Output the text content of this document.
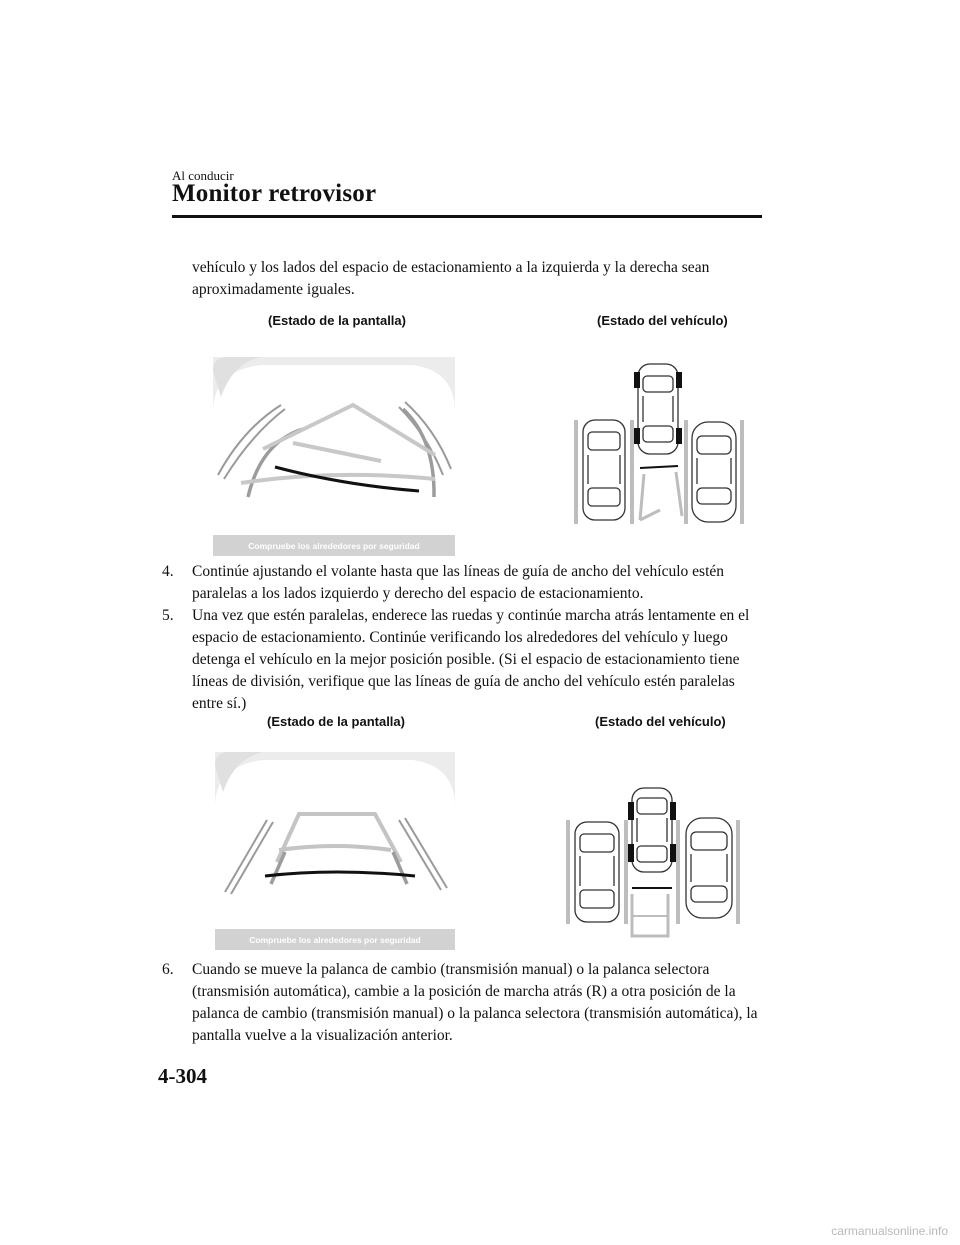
Al conducir
Monitor retrovisor

vehículo y los lados del espacio de estacionamiento a la izquierda y la derecha sean aproximadamente iguales.

(Estado de la pantalla)	(Estado del vehículo)
Compruebe los alrededores por seguridad
4. Continúe ajustando el volante hasta que las líneas de guía de ancho del vehículo estén paralelas a los lados izquierdo y derecho del espacio de estacionamiento.
5. Una vez que estén paralelas, enderece las ruedas y continúe marcha atrás lentamente en el espacio de estacionamiento. Continúe verificando los alrededores del vehículo y luego detenga el vehículo en la mejor posición posible. (Si el espacio de estacionamiento tiene líneas de división, verifique que las líneas de guía de ancho del vehículo estén paralelas entre sí.)
(Estado de la pantalla)	(Estado del vehículo)
Compruebe los alrededores por seguridad
6. Cuando se mueve la palanca de cambio (transmisión manual) o la palanca selectora (transmisión automática), cambie a la posición de marcha atrás (R) a otra posición de la palanca de cambio (transmisión manual) o la palanca selectora (transmisión automática), la pantalla vuelve a la visualización anterior.
4-304
carmanualsonline.info
